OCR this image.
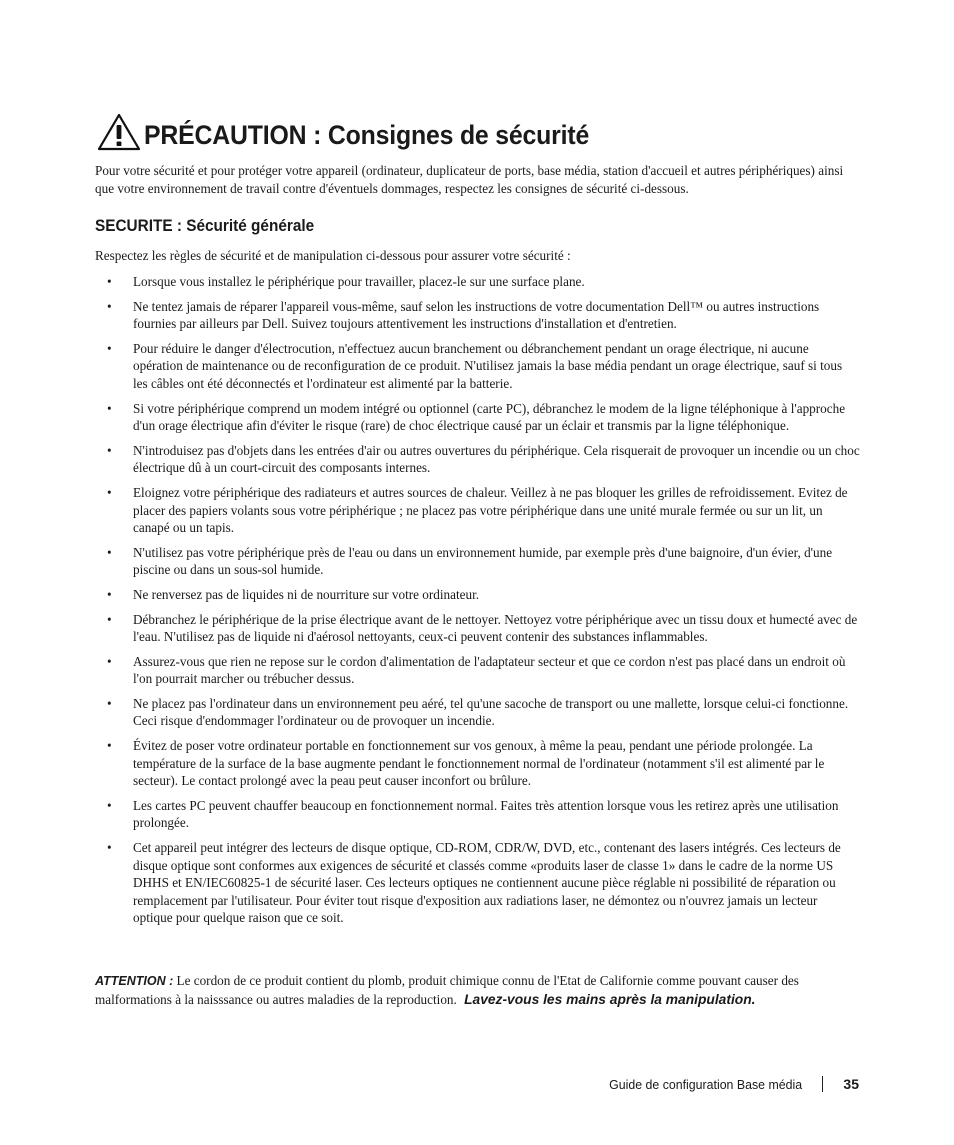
PRÉCAUTION : Consignes de sécurité
Pour votre sécurité et pour protéger votre appareil (ordinateur, duplicateur de ports, base média, station d'accueil et autres périphériques) ainsi que votre environnement de travail contre d'éventuels dommages, respectez les consignes de sécurité ci-dessous.
SECURITE : Sécurité générale
Respectez les règles de sécurité et de manipulation ci-dessous pour assurer votre sécurité :
• Lorsque vous installez le périphérique pour travailler, placez-le sur une surface plane.
• Ne tentez jamais de réparer l'appareil vous-même, sauf selon les instructions de votre documentation Dell™ ou autres instructions fournies par ailleurs par Dell. Suivez toujours attentivement les instructions d'installation et d'entretien.
• Pour réduire le danger d'électrocution, n'effectuez aucun branchement ou débranchement pendant un orage électrique, ni aucune opération de maintenance ou de reconfiguration de ce produit. N'utilisez jamais la base média pendant un orage électrique, sauf si tous les câbles ont été déconnectés et l'ordinateur est alimenté par la batterie.
• Si votre périphérique comprend un modem intégré ou optionnel (carte PC), débranchez le modem de la ligne téléphonique à l'approche d'un orage électrique afin d'éviter le risque (rare) de choc électrique causé par un éclair et transmis par la ligne téléphonique.
• N'introduisez pas d'objets dans les entrées d'air ou autres ouvertures du périphérique. Cela risquerait de provoquer un incendie ou un choc électrique dû à un court-circuit des composants internes.
• Eloignez votre périphérique des radiateurs et autres sources de chaleur. Veillez à ne pas bloquer les grilles de refroidissement. Evitez de placer des papiers volants sous votre périphérique ; ne placez pas votre périphérique dans une unité murale fermée ou sur un lit, un canapé ou un tapis.
• N'utilisez pas votre périphérique près de l'eau ou dans un environnement humide, par exemple près d'une baignoire, d'un évier, d'une piscine ou dans un sous-sol humide.
• Ne renversez pas de liquides ni de nourriture sur votre ordinateur.
• Débranchez le périphérique de la prise électrique avant de le nettoyer. Nettoyez votre périphérique avec un tissu doux et humecté avec de l'eau. N'utilisez pas de liquide ni d'aérosol nettoyants, ceux-ci peuvent contenir des substances inflammables.
• Assurez-vous que rien ne repose sur le cordon d'alimentation de l'adaptateur secteur et que ce cordon n'est pas placé dans un endroit où l'on pourrait marcher ou trébucher dessus.
• Ne placez pas l'ordinateur dans un environnement peu aéré, tel qu'une sacoche de transport ou une mallette, lorsque celui-ci fonctionne. Ceci risque d'endommager l'ordinateur ou de provoquer un incendie.
• Évitez de poser votre ordinateur portable en fonctionnement sur vos genoux, à même la peau, pendant une période prolongée. La température de la surface de la base augmente pendant le fonctionnement normal de l'ordinateur (notamment s'il est alimenté par le secteur). Le contact prolongé avec la peau peut causer inconfort ou brûlure.
• Les cartes PC peuvent chauffer beaucoup en fonctionnement normal. Faites très attention lorsque vous les retirez après une utilisation prolongée.
• Cet appareil peut intégrer des lecteurs de disque optique, CD-ROM, CDR/W, DVD, etc., contenant des lasers intégrés. Ces lecteurs de disque optique sont conformes aux exigences de sécurité et classés comme «produits laser de classe 1» dans le cadre de la norme US DHHS et EN/IEC60825-1 de sécurité laser. Ces lecteurs optiques ne contiennent aucune pièce réglable ni possibilité de réparation ou remplacement par l'utilisateur. Pour éviter tout risque d'exposition aux radiations laser, ne démontez ou n'ouvrez jamais un lecteur optique pour quelque raison que ce soit.
ATTENTION : Le cordon de ce produit contient du plomb, produit chimique connu de l'Etat de Californie comme pouvant causer des malformations à la naisssance ou autres maladies de la reproduction. Lavez-vous les mains après la manipulation.
Guide de configuration Base média	35
